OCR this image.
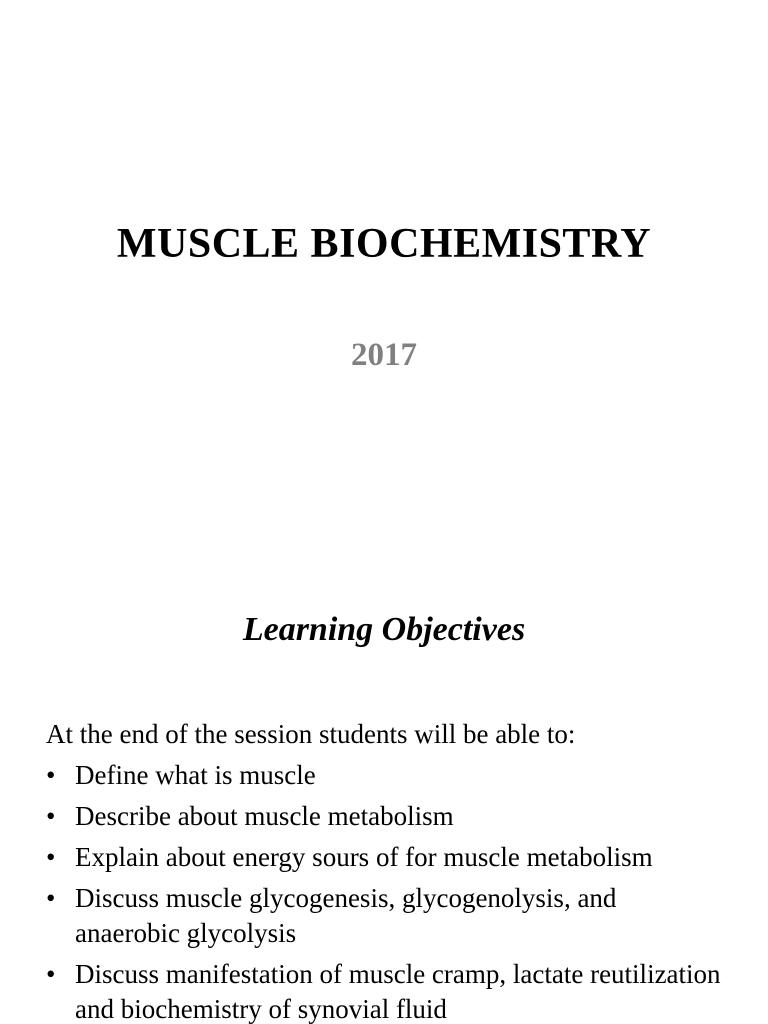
MUSCLE BIOCHEMISTRY
2017
Learning Objectives
At the end of the session students will be able to:
• Define what is muscle
• Describe about muscle metabolism
• Explain about energy sours of for muscle metabolism
• Discuss muscle glycogenesis, glycogenolysis, and anaerobic glycolysis
• Discuss manifestation of muscle cramp, lactate reutilization and biochemistry of synovial fluid
